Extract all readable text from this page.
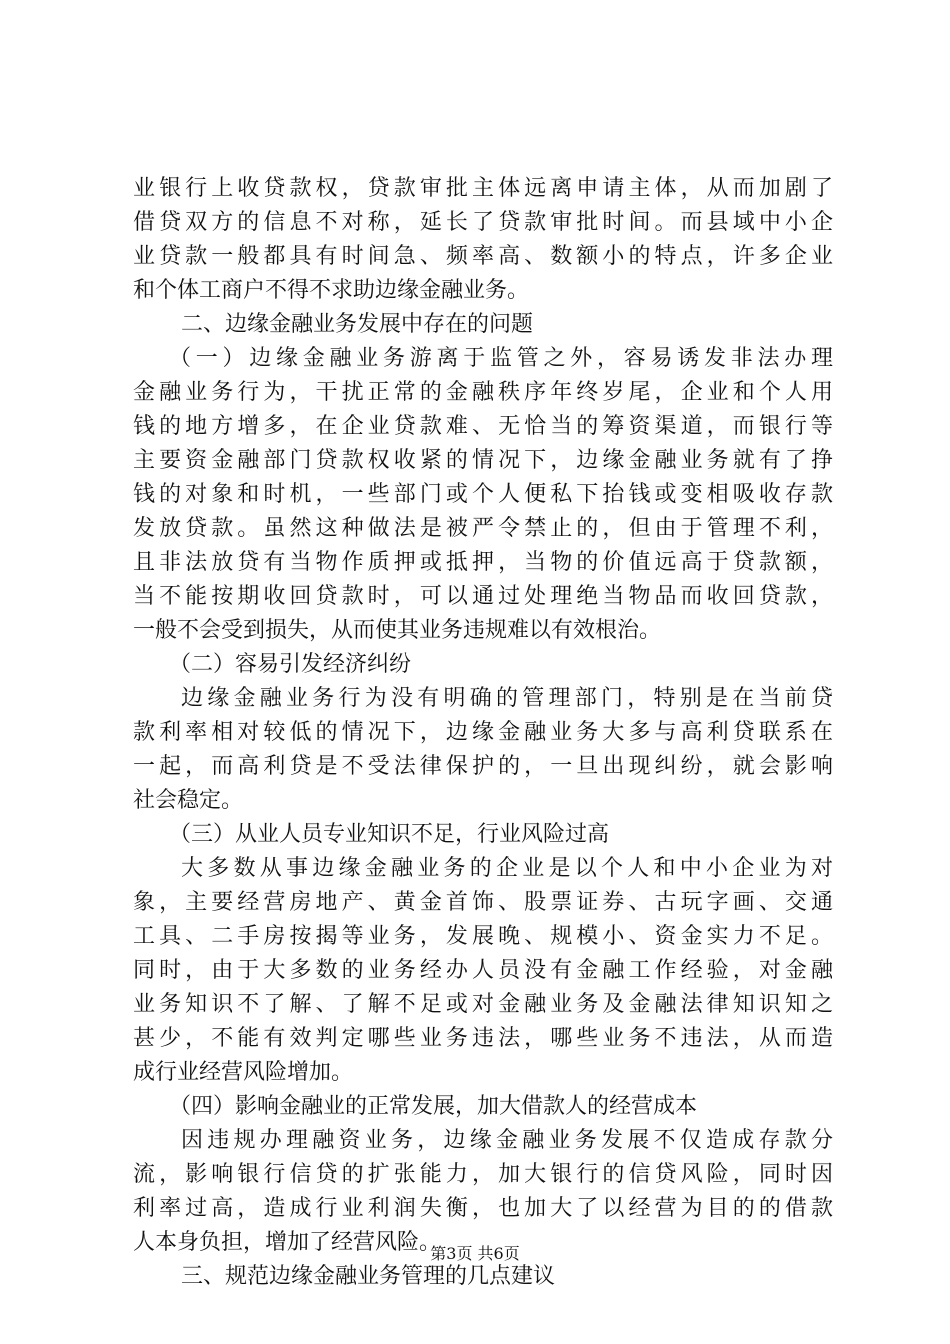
业银行上收贷款权，贷款审批主体远离申请主体，从而加剧了
借贷双方的信息不对称，延长了贷款审批时间。而县域中小企
业贷款一般都具有时间急、频率高、数额小的特点，许多企业
和个体工商户不得不求助边缘金融业务。
二、边缘金融业务发展中存在的问题
（一）边缘金融业务游离于监管之外，容易诱发非法办理
金融业务行为，干扰正常的金融秩序年终岁尾，企业和个人用
钱的地方增多，在企业贷款难、无恰当的筹资渠道，而银行等
主要资金融部门贷款权收紧的情况下，边缘金融业务就有了挣
钱的对象和时机，一些部门或个人便私下抬钱或变相吸收存款
发放贷款。虽然这种做法是被严令禁止的，但由于管理不利，
且非法放贷有当物作质押或抵押，当物的价值远高于贷款额，
当不能按期收回贷款时，可以通过处理绝当物品而收回贷款，
一般不会受到损失，从而使其业务违规难以有效根治。
（二）容易引发经济纠纷
边缘金融业务行为没有明确的管理部门，特别是在当前贷
款利率相对较低的情况下，边缘金融业务大多与高利贷联系在
一起，而高利贷是不受法律保护的，一旦出现纠纷，就会影响
社会稳定。
（三）从业人员专业知识不足，行业风险过高
大多数从事边缘金融业务的企业是以个人和中小企业为对
象，主要经营房地产、黄金首饰、股票证券、古玩字画、交通
工具、二手房按揭等业务，发展晚、规模小、资金实力不足。
同时，由于大多数的业务经办人员没有金融工作经验，对金融
业务知识不了解、了解不足或对金融业务及金融法律知识知之
甚少，不能有效判定哪些业务违法，哪些业务不违法，从而造
成行业经营风险增加。
（四）影响金融业的正常发展，加大借款人的经营成本
因违规办理融资业务，边缘金融业务发展不仅造成存款分
流，影响银行信贷的扩张能力，加大银行的信贷风险，同时因
利率过高，造成行业利润失衡，也加大了以经营为目的的借款
人本身负担，增加了经营风险。
三、规范边缘金融业务管理的几点建议
第3页 共6页
